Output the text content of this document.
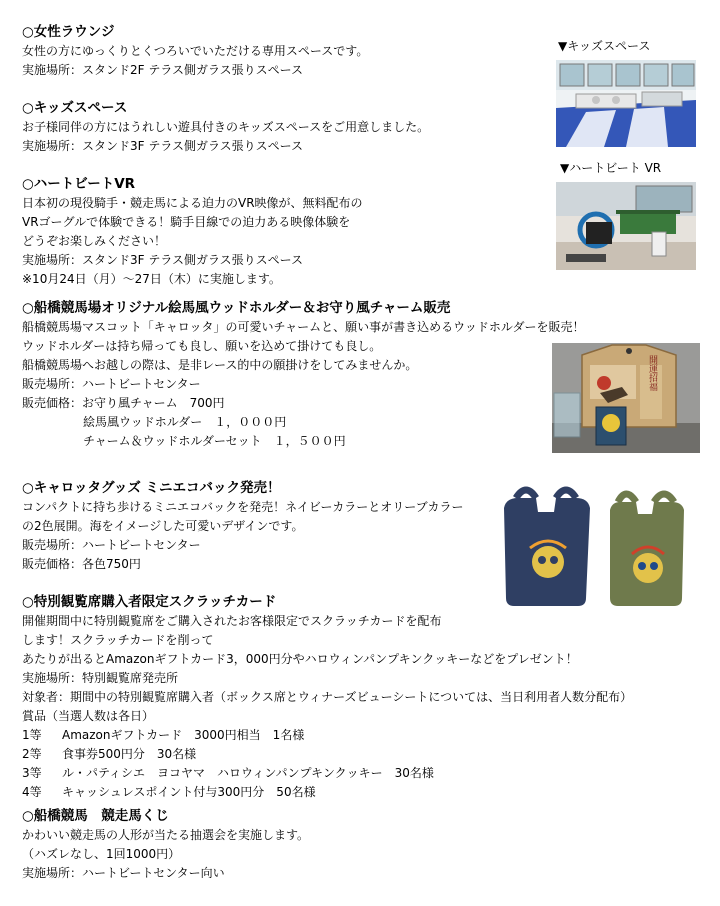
○女性ラウンジ
女性の方にゆっくりとくつろいでいただける専用スペースです。
実施場所：スタンド2F テラス側ガラス張りスペース
○キッズスペース
お子様同伴の方にはうれしい遊具付きのキッズスペースをご用意しました。
実施場所：スタンド3F テラス側ガラス張りスペース
○ハートビートVR
日本初の現役騎手・競走馬による迫力のVR映像が、無料配布の
VRゴーグルで体験できる！騎手目線での迫力ある映像体験を
どうぞお楽しみください！
実施場所：スタンド3F テラス側ガラス張りスペース
※10月24日（月）～27日（木）に実施します。
○船橋競馬場オリジナル絵馬風ウッドホルダー＆お守り風チャーム販売
船橋競馬場マスコット「キャロッタ」の可愛いチャームと、願い事が書き込めるウッドホルダーを販売！
ウッドホルダーは持ち帰っても良し、願いを込めて掛けても良し。
船橋競馬場へお越しの際は、是非レース的中の願掛けをしてみませんか。
販売場所：ハートビートセンター
販売価格：お守り風チャーム　700円
絵馬風ウッドホルダー　１，０００円
チャーム＆ウッドホルダーセット　１，５００円
○キャロッタグッズ ミニエコバック発売！
コンパクトに持ち歩けるミニエコバックを発売！ネイビーカラーとオリーブカラー
の2色展開。海をイメージした可愛いデザインです。
販売場所：ハートビートセンター
販売価格：各色750円
○特別観覧席購入者限定スクラッチカード
開催期間中に特別観覧席をご購入されたお客様限定でスクラッチカードを配布
します！スクラッチカードを削って
あたりが出るとAmazonギフトカード3，000円分やハロウィンパンプキンクッキーなどをプレゼント！
実施場所：特別観覧席発売所
対象者：期間中の特別観覧席購入者（ボックス席とウィナーズビューシートについては、当日利用者人数分配布）
賞品（当選人数は各日）
1等	Amazonギフトカード　3000円相当　1名様
2等	食事券500円分　30名様
3等	ル・パティシエ　ヨコヤマ　ハロウィンパンプキンクッキー　30名様
4等	キャッシュレスポイント付与300円分　50名様
○船橋競馬　競走馬くじ
かわいい競走馬の人形が当たる抽選会を実施します。
（ハズレなし、1回1000円）
実施場所：ハートビートセンター向い
▼キッズスペース
▼ハートビート VR
開運招福
